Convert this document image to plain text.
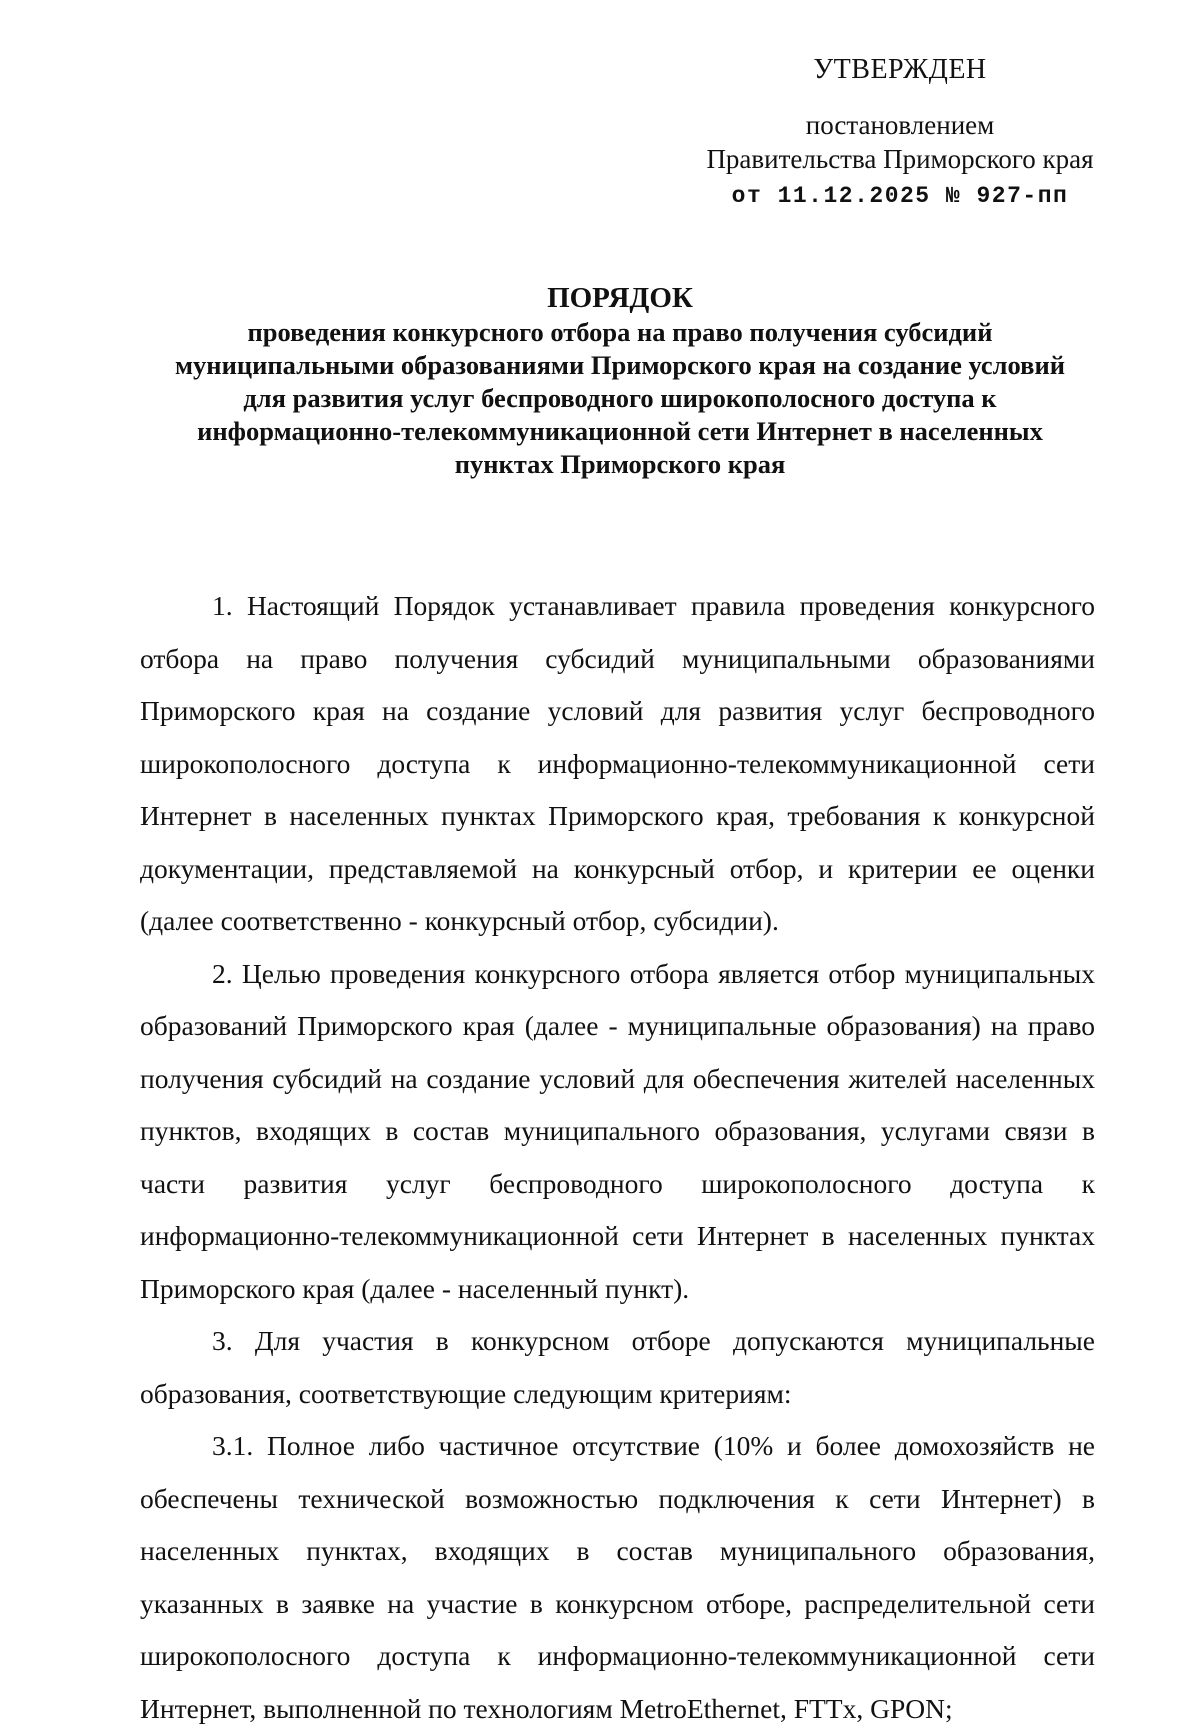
УТВЕРЖДЕН
постановлением
Правительства Приморского края
от 11.12.2025 № 927-пп
ПОРЯДОК
проведения конкурсного отбора на право получения субсидий
муниципальными образованиями Приморского края на создание условий
для развития услуг беспроводного широкополосного доступа к
информационно-телекоммуникационной сети Интернет в населенных
пунктах Приморского края

1. Настоящий Порядок устанавливает правила проведения конкурсного отбора на право получения субсидий муниципальными образованиями Приморского края на создание условий для развития услуг беспроводного широкополосного доступа к информационно-телекоммуникационной сети Интернет в населенных пунктах Приморского края, требования к конкурсной документации, представляемой на конкурсный отбор, и критерии ее оценки (далее соответственно - конкурсный отбор, субсидии).

2. Целью проведения конкурсного отбора является отбор муниципальных образований Приморского края (далее - муниципальные образования) на право получения субсидий на создание условий для обеспечения жителей населенных пунктов, входящих в состав муниципального образования, услугами связи в части развития услуг беспроводного широкополосного доступа к информационно-телекоммуникационной сети Интернет в населенных пунктах Приморского края (далее - населенный пункт).

3. Для участия в конкурсном отборе допускаются муниципальные образования, соответствующие следующим критериям:

3.1. Полное либо частичное отсутствие (10% и более домохозяйств не обеспечены технической возможностью подключения к сети Интернет) в населенных пунктах, входящих в состав муниципального образования, указанных в заявке на участие в конкурсном отборе, распределительной сети широкополосного доступа к информационно-телекоммуникационной сети Интернет, выполненной по технологиям MetroEthernet, FTTx, GPON;
